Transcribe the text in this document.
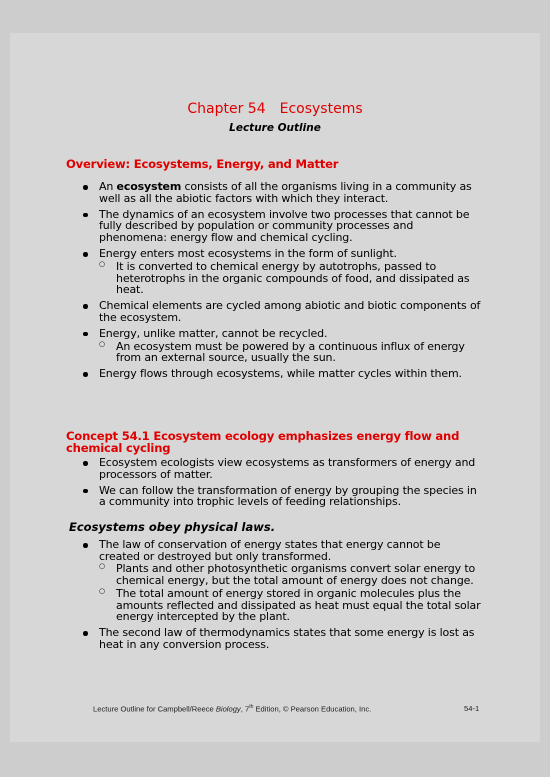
Chapter 54 Ecosystems
Lecture Outline
Overview: Ecosystems, Energy, and Matter
An ecosystem consists of all the organisms living in a community as well as all the abiotic factors with which they interact.
The dynamics of an ecosystem involve two processes that cannot be fully described by population or community processes and phenomena: energy flow and chemical cycling.
Energy enters most ecosystems in the form of sunlight.
○ It is converted to chemical energy by autotrophs, passed to heterotrophs in the organic compounds of food, and dissipated as heat.
Chemical elements are cycled among abiotic and biotic components of the ecosystem.
Energy, unlike matter, cannot be recycled.
○ An ecosystem must be powered by a continuous influx of energy from an external source, usually the sun.
Energy flows through ecosystems, while matter cycles within them.
Concept 54.1 Ecosystem ecology emphasizes energy flow and chemical cycling
Ecosystem ecologists view ecosystems as transformers of energy and processors of matter.
We can follow the transformation of energy by grouping the species in a community into trophic levels of feeding relationships.
Ecosystems obey physical laws.
The law of conservation of energy states that energy cannot be created or destroyed but only transformed.
○ Plants and other photosynthetic organisms convert solar energy to chemical energy, but the total amount of energy does not change.
○ The total amount of energy stored in organic molecules plus the amounts reflected and dissipated as heat must equal the total solar energy intercepted by the plant.
The second law of thermodynamics states that some energy is lost as heat in any conversion process.
Lecture Outline for Campbell/Reece Biology, 7th Edition, © Pearson Education, Inc.	54-1
